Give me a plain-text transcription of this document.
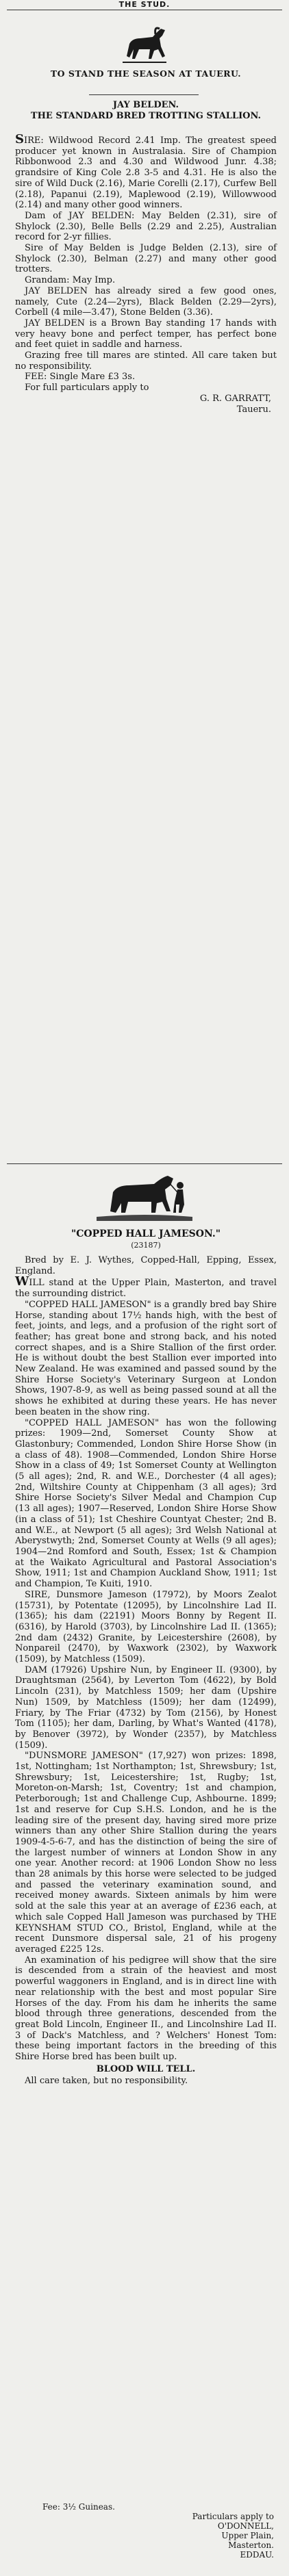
THE STUD.
TO STAND THE SEASON AT TAUERU.
JAY BELDEN.
THE STANDARD BRED TROTTING STALLION.

SIRE: Wildwood Record 2.41 Imp. The greatest speed producer yet known in Australasia. Sire of Champion Ribbonwood 2.3 and 4.30 and Wildwood Junr. 4.38; grandsire of King Cole 2.8 3-5 and 4.31. He is also the sire of Wild Duck (2.16), Marie Corelli (2.17), Curfew Bell (2.18), Papanui (2.19), Maplewood (2.19), Willowwood (2.14) and many other good winners.

Dam of JAY BELDEN: May Belden (2.31), sire of Shylock (2.30), Belle Bells (2.29 and 2.25), Australian record for 2-yr fillies.

Sire of May Belden is Judge Belden (2.13), sire of Shylock (2.30), Belman (2.27) and many other good trotters.

Grandam: May Imp.

JAY BELDEN has already sired a few good ones, namely, Cute (2.24—2yrs), Black Belden (2.29—2yrs), Corbell (4 mile—3.47), Stone Belden (3.36).

JAY BELDEN is a Brown Bay standing 17 hands with very heavy bone and perfect temper, has perfect bone and feet quiet in saddle and harness.

Grazing free till mares are stinted. All care taken but no responsibility.

FEE: Single Mare £3 3s.

For full particulars apply to

G. R. GARRATT,

Taueru.

"COPPED HALL JAMESON."
(23187)

Bred by E. J. Wythes, Copped-Hall, Epping, Essex, England.

WILL stand at the Upper Plain, Masterton, and travel the surrounding district.

"COPPED HALL JAMESON" is a grandly bred bay Shire Horse, standing about 17½ hands high, with the best of feet, joints, and legs, and a profusion of the right sort of feather; has great bone and strong back, and his noted correct shapes, and is a Shire Stallion of the first order. He is without doubt the best Stallion ever imported into New Zealand. He was examined and passed sound by the Shire Horse Society's Veterinary Surgeon at London Shows, 1907-8-9, as well as being passed sound at all the shows he exhibited at during these years. He has never been beaten in the show ring.

"COPPED HALL JAMESON" has won the following prizes: 1909—2nd, Somerset County Show at Glastonbury; Commended, London Shire Horse Show (in a class of 48). 1908—Commended, London Shire Horse Show in a class of 49; 1st Somerset County at Wellington (5 all ages); 2nd, R. and W.E., Dorchester (4 all ages); 2nd, Wiltshire County at Chippenham (3 all ages); 3rd Shire Horse Society's Silver Medal and Champion Cup (13 all ages); 1907—Reserved, London Shire Horse Show (in a class of 51); 1st Cheshire Countyat Chester; 2nd B. and W.E., at Newport (5 all ages); 3rd Welsh National at Aberystwyth; 2nd, Somerset County at Wells (9 all ages); 1904—2nd Romford and South, Essex; 1st & Champion at the Waikato Agricultural and Pastoral Association's Show, 1911; 1st and Champion Auckland Show, 1911; 1st and Champion, Te Kuiti, 1910.

SIRE, Dunsmore Jameson (17972), by Moors Zealot (15731), by Potentate (12095), by Lincolnshire Lad II. (1365); his dam (22191) Moors Bonny by Regent II. (6316), by Harold (3703), by Lincolnshire Lad II. (1365); 2nd dam (2432) Granite, by Leicestershire (2608), by Nonpareil (2470), by Waxwork (2302), by Waxwork (1509), by Matchless (1509).

DAM (17926) Upshire Nun, by Engineer II. (9300), by Draughtsman (2564), by Leverton Tom (4622), by Bold Lincoln (231), by Matchless 1509; her dam (Upshire Nun) 1509, by Matchless (1509); her dam (12499), Friary, by The Friar (4732) by Tom (2156), by Honest Tom (1105); her dam, Darling, by What's Wanted (4178), by Benover (3972), by Wonder (2357), by Matchless (1509).

"DUNSMORE JAMESON" (17,927) won prizes: 1898, 1st, Nottingham; 1st Northampton; 1st, Shrewsbury; 1st, Shrewsbury; 1st, Leicestershire; 1st, Rugby; 1st, Moreton-on-Marsh; 1st, Coventry; 1st and champion, Peterborough; 1st and Challenge Cup, Ashbourne. 1899; 1st and reserve for Cup S.H.S. London, and he is the leading sire of the present day, having sired more prize winners than any other Shire Stallion during the years 1909-4-5-6-7, and has the distinction of being the sire of the largest number of winners at London Show in any one year. Another record: at 1906 London Show no less than 28 animals by this horse were selected to be judged and passed the veterinary examination sound, and received money awards. Sixteen animals by him were sold at the sale this year at an average of £236 each, at which sale Copped Hall Jameson was purchased by THE KEYNSHAM STUD CO., Bristol, England, while at the recent Dunsmore dispersal sale, 21 of his progeny averaged £225 12s.

An examination of his pedigree will show that the sire is descended from a strain of the heaviest and most powerful waggoners in England, and is in direct line with near relationship with the best and most popular Sire Horses of the day. From his dam he inherits the same blood through three generations, descended from the great Bold Lincoln, Engineer II., and Lincolnshire Lad II. 3 of Dack's Matchless, and ? Welchers' Honest Tom: these being important factors in the breeding of this Shire Horse bred has been built up.

BLOOD WILL TELL.

All care taken, but no responsibility.

Fee: 3½ Guineas.
Particulars apply to
O'DONNELL,
Upper Plain,
Masterton.
EDDAU.
